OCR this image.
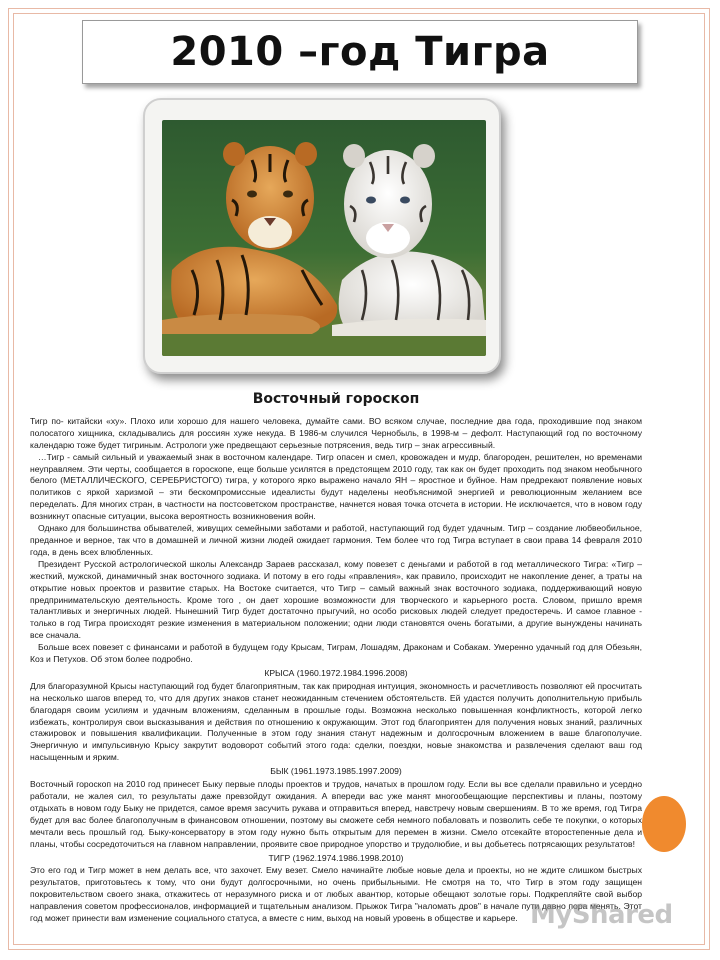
2010 –год Тигра
Восточный гороскоп

Тигр по- китайски «ху». Плохо или хорошо для нашего человека, думайте сами. ВО всяком случае, последние два года, проходившие под знаком полосатого хищника, складывались для россиян хуже некуда. В 1986-м случился Чернобыль, в 1998-м – дефолт. Наступающий год по восточному календарю тоже будет тигриным. Астрологи уже предвещают серьезные потрясения, ведь тигр – знак агрессивный.

…Тигр - самый сильный и уважаемый знак в восточном календаре. Тигр опасен и смел, кровожаден и мудр, благороден, решителен, но временами неуправляем. Эти черты, сообщается в гороскопе, еще больше усилятся в предстоящем 2010 году, так как он будет проходить под знаком необычного белого (МЕТАЛЛИЧЕСКОГО, СЕРЕБРИСТОГО) тигра, у которого ярко выражено начало ЯН – яростное и буйное. Нам предрекают появление новых политиков с яркой харизмой – эти бескомпромиссные идеалисты будут наделены необъяснимой энергией и революционным желанием все переделать. Для многих стран, в частности на постсоветском пространстве, начнется новая точка отсчета в истории. Не исключается, что в новом году возникнут опасные ситуации, высока вероятность возникновения войн.

Однако для большинства обывателей, живущих семейными заботами и работой, наступающий год будет удачным. Тигр – создание любвеобильное, преданное и верное, так что в домашней и личной жизни людей ожидает гармония. Тем более что год Тигра вступает в свои права 14 февраля 2010 года, в день всех влюбленных.

Президент Русской астрологической школы Александр Зараев рассказал, кому повезет с деньгами и работой в год металлического Тигра: «Тигр – жесткий, мужской, динамичный знак восточного зодиака. И потому в его годы «правления», как правило, происходит не накопление денег, а траты на открытие новых проектов и развитие старых. На Востоке считается, что Тигр – самый важный знак восточного зодиака, поддерживающий новую предпринимательскую деятельность. Кроме того , он дает хорошие возможности для творческого и карьерного роста. Словом, пришло время талантливых и энергичных людей. Нынешний Тигр будет достаточно прыгучий, но особо рисковых людей следует предостеречь. И самое главное - только в год Тигра происходят резкие изменения в материальном положении; одни люди становятся очень богатыми, а другие вынуждены начинать все сначала.

Больше всех повезет с финансами и работой в будущем году Крысам, Тиграм, Лошадям, Драконам и Собакам. Умеренно удачный год для Обезьян, Коз и Петухов. Об этом более подробно.

КРЫСА (1960.1972.1984.1996.2008)

Для благоразумной Крысы наступающий год будет благоприятным, так как природная интуиция, экономность и расчетливость позволяют ей просчитать на несколько шагов вперед то, что для других знаков станет неожиданным стечением обстоятельств. Ей удастся получить дополнительную прибыль благодаря своим усилиям и удачным вложениям, сделанным в прошлые годы. Возможна несколько повышенная конфликтность, которой легко избежать, контролируя свои высказывания и действия по отношению к окружающим. Этот год благоприятен для получения новых знаний, различных стажировок и повышения квалификации. Полученные в этом году знания станут надежным и долгосрочным вложением в ваше благополучие. Энергичную и импульсивную Крысу закрутит водоворот событий этого года: сделки, поездки, новые знакомства и развлечения сделают ваш год насыщенным и ярким.

БЫК (1961.1973.1985.1997.2009)

Восточный гороскоп на 2010 год принесет Быку первые плоды проектов и трудов, начатых в прошлом году. Если вы все сделали правильно и усердно работали, не жалея сил, то результаты даже превзойдут ожидания. А впереди вас уже манят многообещающие перспективы и планы, поэтому отдыхать в новом году Быку не придется, самое время засучить рукава и отправиться вперед, навстречу новым свершениям. В то же время, год Тигра будет для вас более благополучным в финансовом отношении, поэтому вы сможете себя немного побаловать и позволить себе те покупки, о которых мечтали весь прошлый год. Быку-консерватору в этом году нужно быть открытым для перемен в жизни. Смело отсекайте второстепенные дела и планы, чтобы сосредоточиться на главном направлении, проявите свое природное упорство и трудолюбие, и вы добьетесь потрясающих результатов!

ТИГР (1962.1974.1986.1998.2010)

Это его год и Тигр может в нем делать все, что захочет. Ему везет. Смело начинайте любые новые дела и проекты, но не ждите слишком быстрых результатов, приготовьтесь к тому, что они будут долгосрочными, но очень прибыльными. Не смотря на то, что Тигр в этом году защищен покровительством своего знака, откажитесь от неразумного риска и от любых авантюр, которые обещают золотые горы. Подкрепляйте свой выбор направления советом профессионалов, информацией и тщательным анализом. Прыжок Тигра "наломать дров" в начале пути давно пора менять. Этот год может принести вам изменение социального статуса, а вместе с ним, выход на новый уровень в обществе и карьере. MyShared
